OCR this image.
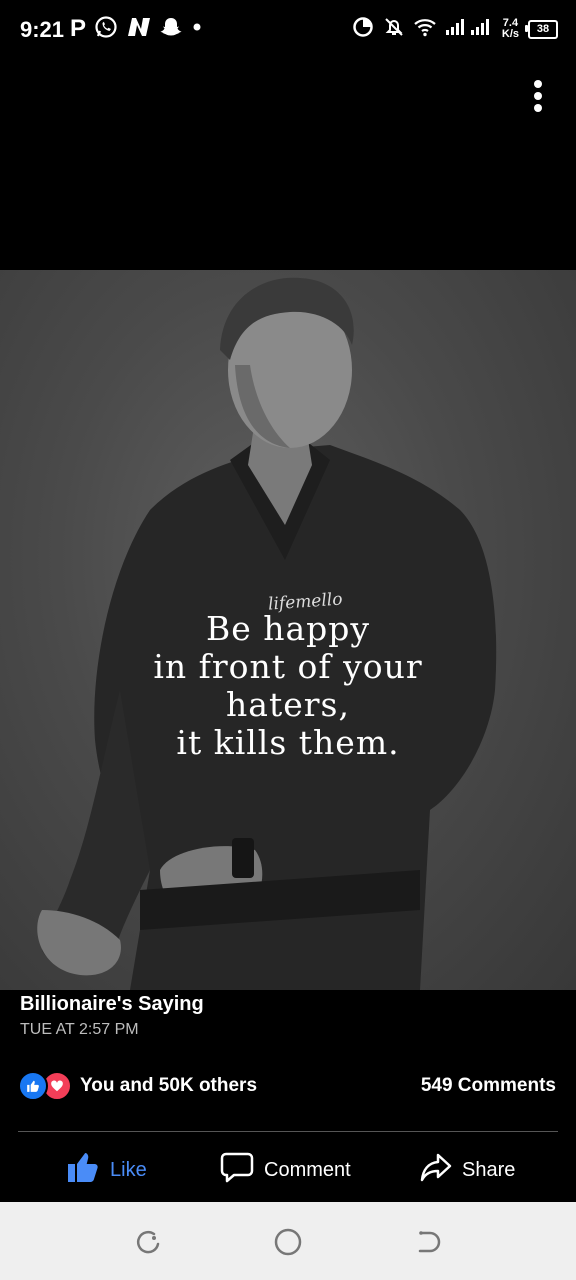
9:21 P	7.4
K/s 38
lifemello
Be happy
in front of your
haters,
it kills them.
Billionaire's Saying
TUE AT 2:57 PM
You and 50K others	549 Comments
Like	Comment	Share
